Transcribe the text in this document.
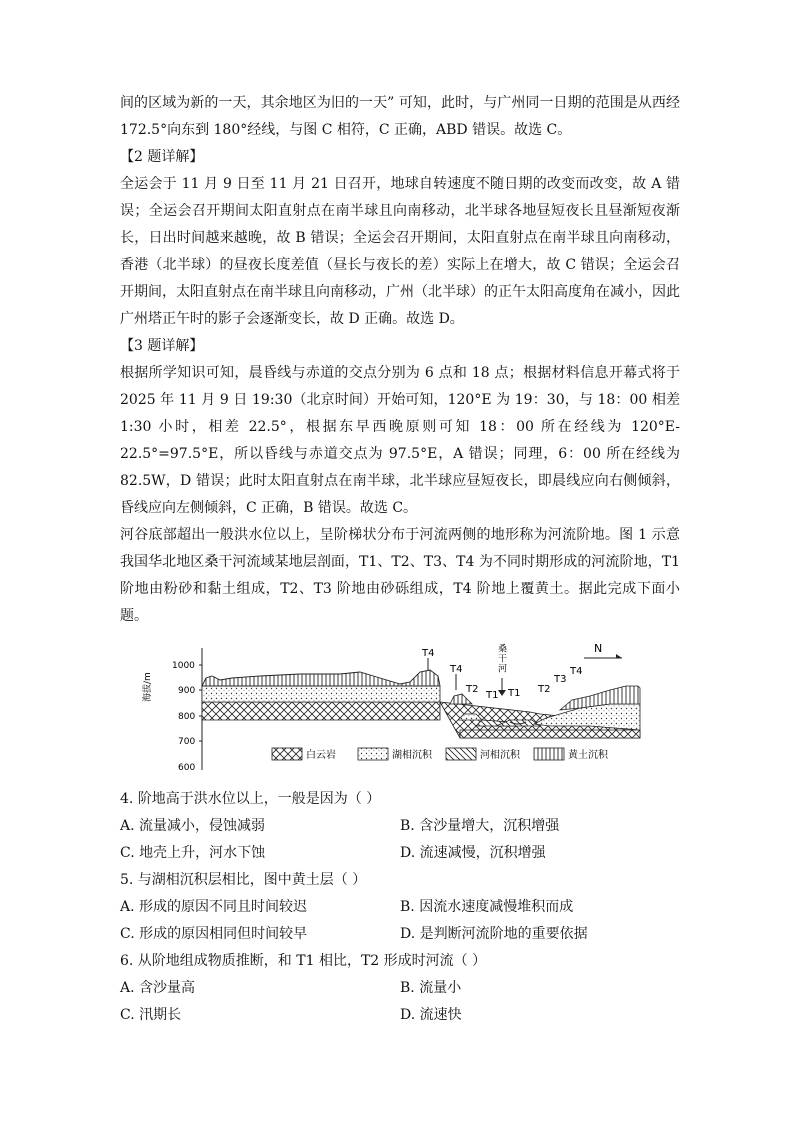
间的区域为新的一天，其余地区为旧的一天” 可知，此时，与广州同一日期的范围是从西经172.5°向东到 180°经线，与图 C 相符，C 正确，ABD 错误。故选 C。

【2 题详解】

全运会于 11 月 9 日至 11 月 21 日召开，地球自转速度不随日期的改变而改变，故 A 错误；全运会召开期间太阳直射点在南半球且向南移动，北半球各地昼短夜长且昼渐短夜渐长，日出时间越来越晚，故 B 错误；全运会召开期间，太阳直射点在南半球且向南移动，香港（北半球）的昼夜长度差值（昼长与夜长的差）实际上在增大，故 C 错误；全运会召开期间，太阳直射点在南半球且向南移动，广州（北半球）的正午太阳高度角在减小，因此广州塔正午时的影子会逐渐变长，故 D 正确。故选 D。

【3 题详解】

根据所学知识可知，晨昏线与赤道的交点分别为 6 点和 18 点；根据材料信息开幕式将于 2025 年 11 月 9 日 19:30（北京时间）开始可知，120°E 为 19：30，与 18：00 相差 1:30 小时，相差 22.5°，根据东早西晚原则可知 18：00 所在经线为 120°E-22.5°=97.5°E，所以昏线与赤道交点为 97.5°E，A 错误；同理，6：00 所在经线为 82.5W，D 错误；此时太阳直射点在南半球，北半球应昼短夜长，即晨线应向右侧倾斜，昏线应向左侧倾斜，C 正确，B 错误。故选 C。

河谷底部超出一般洪水位以上，呈阶梯状分布于河流两侧的地形称为河流阶地。图 1 示意我国华北地区桑干河流域某地层剖面，T1、T2、T3、T4 为不同时期形成的河流阶地，T1 阶地由粉砂和黏土组成，T2、T3 阶地由砂砾组成，T4 阶地上覆黄土。据此完成下面小题。

海拔/m
1000
900
800
700
600
T4
T4
T2
T1 T1 T2
T3
T4
桑
干
河
N
白云岩	湖相沉积	河相沉积	黄土沉积
4. 阶地高于洪水位以上，一般是因为（ ）
A. 流量减小，侵蚀减弱	B. 含沙量增大，沉积增强
C. 地壳上升，河水下蚀	D. 流速减慢，沉积增强
5. 与湖相沉积层相比，图中黄土层（ ）
A. 形成的原因不同且时间较迟	B. 因流水速度减慢堆积而成
C. 形成的原因相同但时间较早	D. 是判断河流阶地的重要依据
6. 从阶地组成物质推断，和 T1 相比，T2 形成时河流（ ）
A. 含沙量高	B. 流量小
C. 汛期长	D. 流速快
